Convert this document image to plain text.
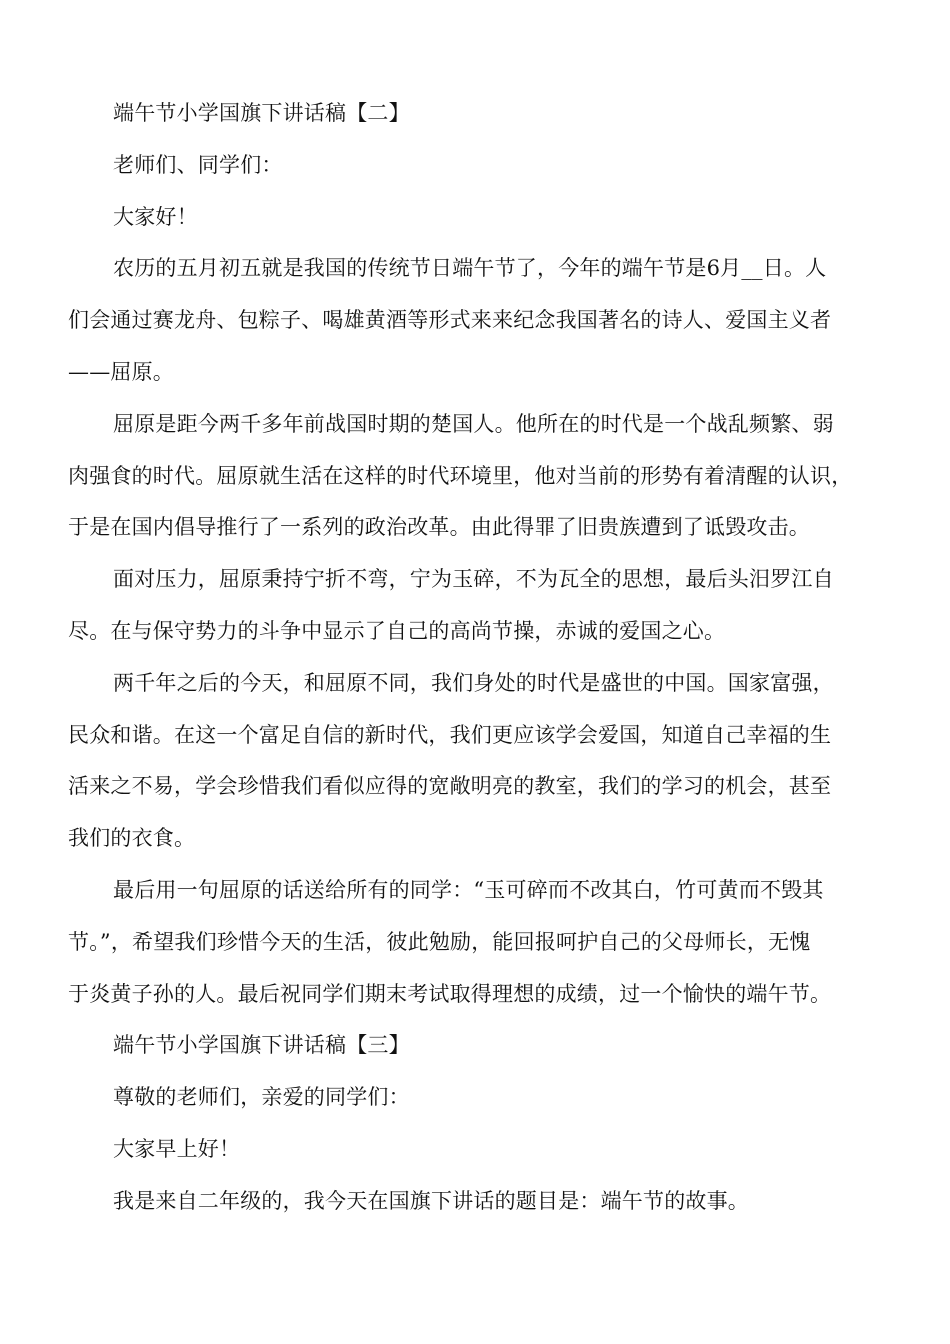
端午节小学国旗下讲话稿【二】
老师们、同学们：
大家好！
农历的五月初五就是我国的传统节日端午节了，今年的端午节是6月__日。人
们会通过赛龙舟、包粽子、喝雄黄酒等形式来来纪念我国著名的诗人、爱国主义者
——屈原。
屈原是距今两千多年前战国时期的楚国人。他所在的时代是一个战乱频繁、弱
肉强食的时代。屈原就生活在这样的时代环境里，他对当前的形势有着清醒的认识，
于是在国内倡导推行了一系列的政治改革。由此得罪了旧贵族遭到了诋毁攻击。
面对压力，屈原秉持宁折不弯，宁为玉碎，不为瓦全的思想，最后头汨罗江自
尽。在与保守势力的斗争中显示了自己的高尚节操，赤诚的爱国之心。
两千年之后的今天，和屈原不同，我们身处的时代是盛世的中国。国家富强，
民众和谐。在这一个富足自信的新时代，我们更应该学会爱国，知道自己幸福的生
活来之不易，学会珍惜我们看似应得的宽敞明亮的教室，我们的学习的机会，甚至
我们的衣食。
最后用一句屈原的话送给所有的同学：“玉可碎而不改其白，竹可黄而不毁其
节。”，希望我们珍惜今天的生活，彼此勉励，能回报呵护自己的父母师长，无愧
于炎黄子孙的人。最后祝同学们期末考试取得理想的成绩，过一个愉快的端午节。
端午节小学国旗下讲话稿【三】
尊敬的老师们，亲爱的同学们：
大家早上好！
我是来自二年级的，我今天在国旗下讲话的题目是：端午节的故事。
